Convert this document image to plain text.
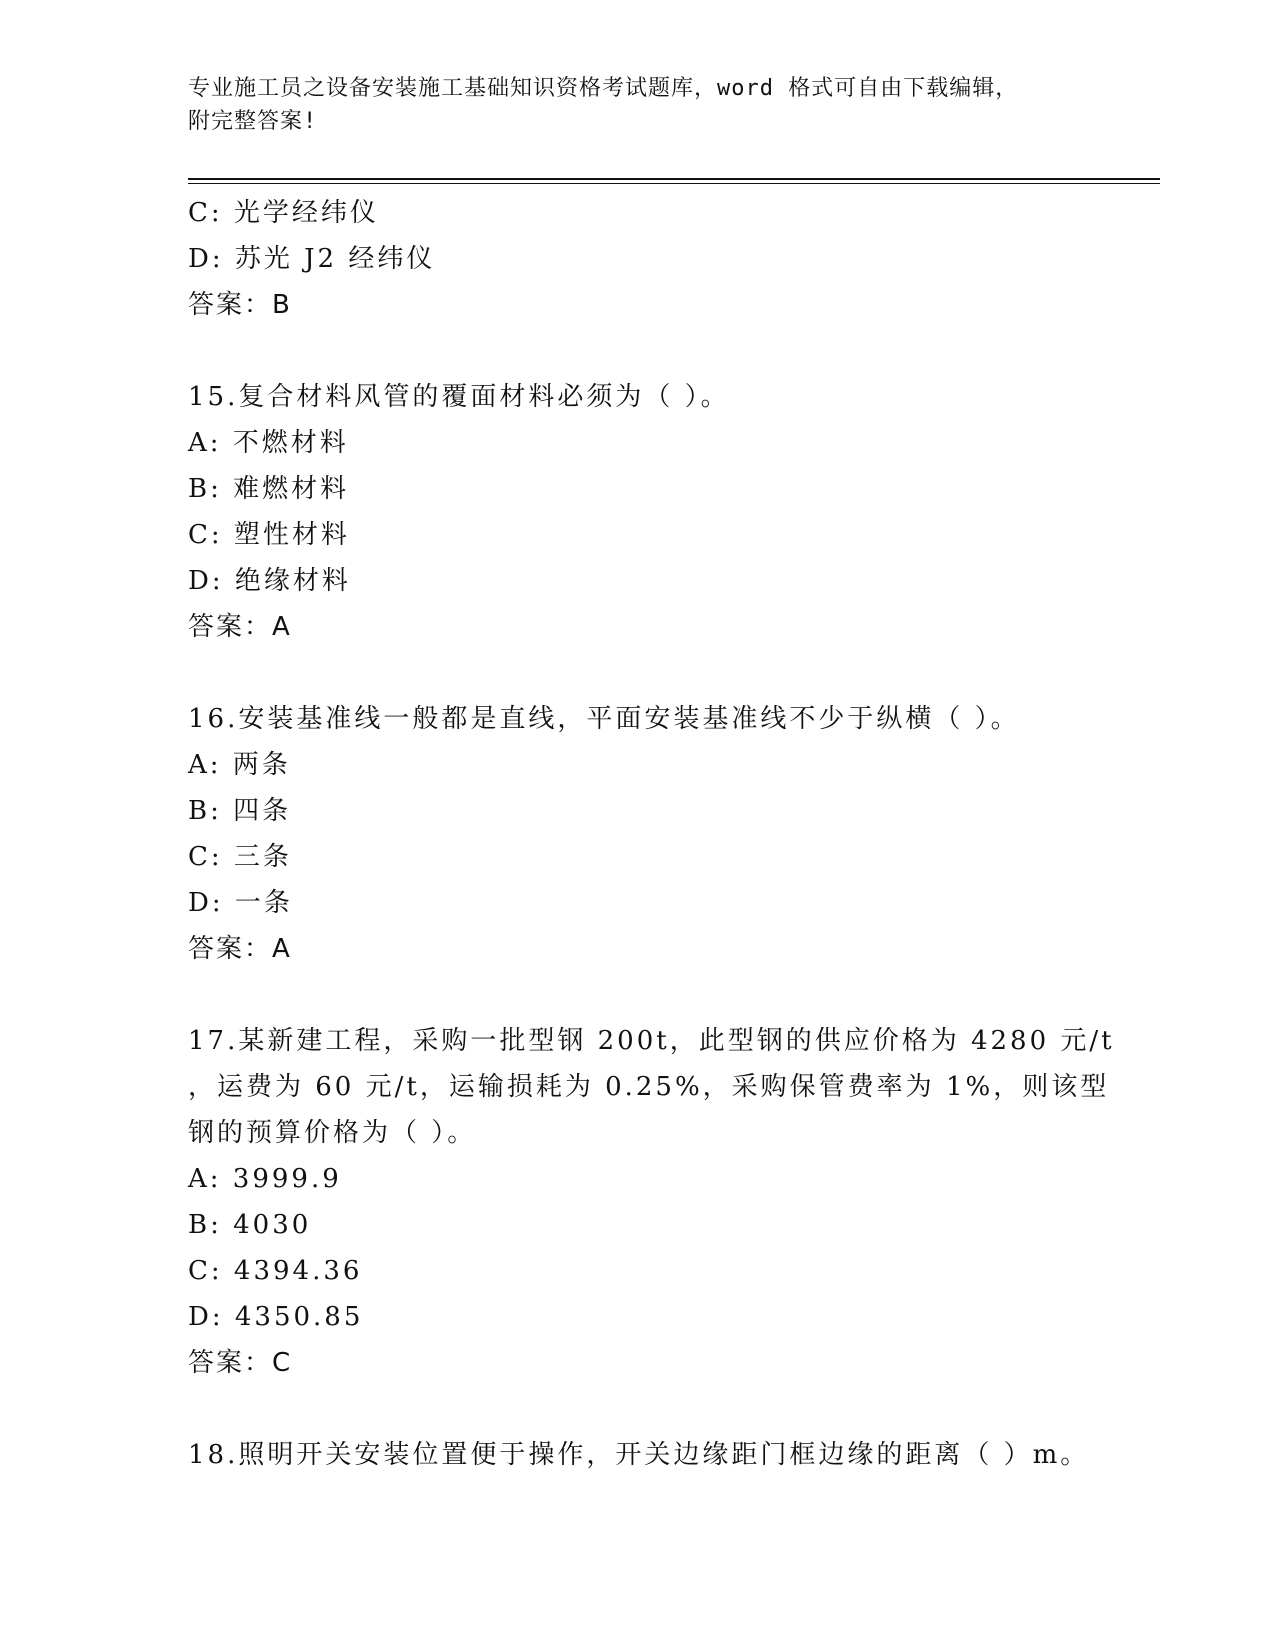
专业施工员之设备安装施工基础知识资格考试题库，word 格式可自由下载编辑，
附完整答案!
C: 光学经纬仪
D: 苏光 J2 经纬仪
答案：B
15.复合材料风管的覆面材料必须为（ ）。
A: 不燃材料
B: 难燃材料
C: 塑性材料
D: 绝缘材料
答案：A
16.安装基准线一般都是直线，平面安装基准线不少于纵横（ ）。
A: 两条
B: 四条
C: 三条
D: 一条
答案：A
17.某新建工程，采购一批型钢 200t，此型钢的供应价格为 4280 元/t
，运费为 60 元/t，运输损耗为 0.25%，采购保管费率为 1%，则该型
钢的预算价格为（ ）。
A: 3999.9
B: 4030
C: 4394.36
D: 4350.85
答案：C
18.照明开关安装位置便于操作，开关边缘距门框边缘的距离（ ）m。
